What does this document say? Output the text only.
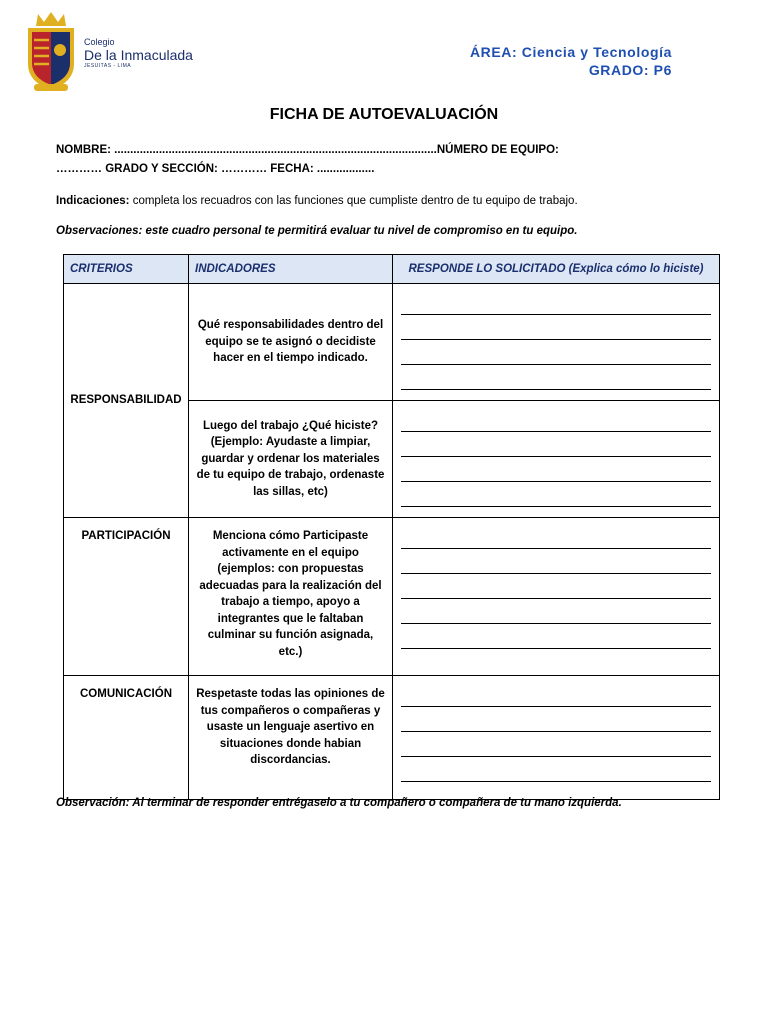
Colegio
De la Inmaculada
JESUITAS - LIMA
ÁREA: Ciencia y Tecnología
GRADO: P6
FICHA DE AUTOEVALUACIÓN
NOMBRE: .....................................................................................................NÚMERO DE EQUIPO:
………… GRADO Y SECCIÓN: ………… FECHA: ..................
Indicaciones: completa los recuadros con las funciones que cumpliste dentro de tu equipo de trabajo.
Observaciones: este cuadro personal te permitirá evaluar tu nivel de compromiso en tu equipo.
CRITERIOS	INDICADORES	RESPONDE LO SOLICITADO (Explica cómo lo hiciste)
RESPONSABILIDAD	Qué responsabilidades dentro del equipo se te asignó o decidiste hacer en el tiempo indicado.	

	Luego del trabajo ¿Qué hiciste? (Ejemplo: Ayudaste a limpiar, guardar y ordenar los materiales de tu equipo de trabajo, ordenaste las sillas, etc)	

PARTICIPACIÓN	Menciona cómo Participaste activamente en el equipo (ejemplos: con propuestas adecuadas para la realización del trabajo a tiempo, apoyo a integrantes que le faltaban culminar su función asignada, etc.)	

COMUNICACIÓN	Respetaste todas las opiniones de tus compañeros o compañeras y usaste un lenguaje asertivo en situaciones donde habian discordancias.	
Observación: Al terminar de responder entrégaselo a tu compañero o compañera de tu mano izquierda.
